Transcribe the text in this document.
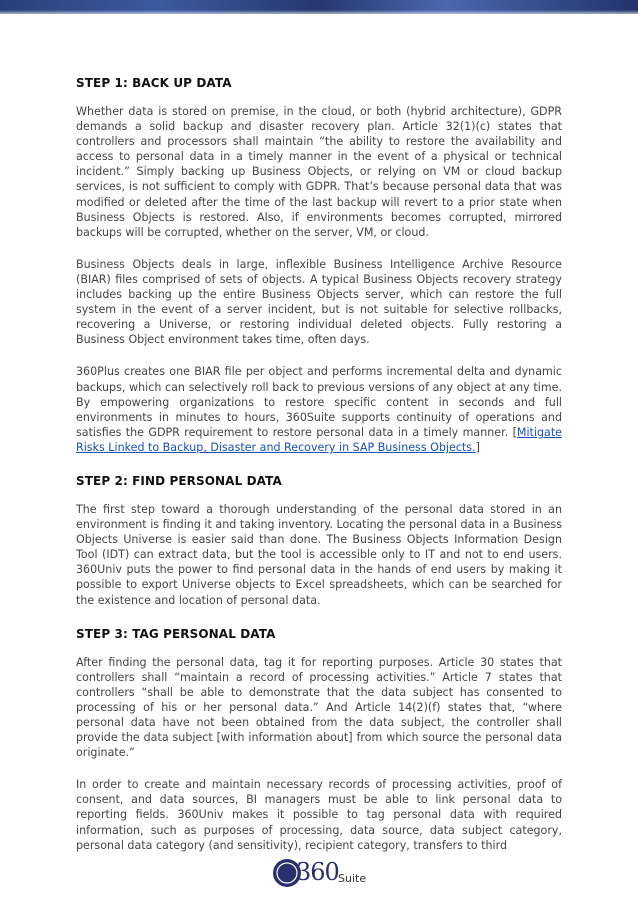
STEP 1: BACK UP DATA

Whether data is stored on premise, in the cloud, or both (hybrid architecture), GDPR demands a solid backup and disaster recovery plan. Article 32(1)(c) states that controllers and processors shall maintain “the ability to restore the availability and access to personal data in a timely manner in the event of a physical or technical incident.” Simply backing up Business Objects, or relying on VM or cloud backup services, is not sufficient to comply with GDPR. That’s because personal data that was modified or deleted after the time of the last backup will revert to a prior state when Business Objects is restored. Also, if environments becomes corrupted, mirrored backups will be corrupted, whether on the server, VM, or cloud.

Business Objects deals in large, inflexible Business Intelligence Archive Resource (BIAR) files comprised of sets of objects. A typical Business Objects recovery strategy includes backing up the entire Business Objects server, which can restore the full system in the event of a server incident, but is not suitable for selective rollbacks, recovering a Universe, or restoring individual deleted objects. Fully restoring a Business Object environment takes time, often days.

360Plus creates one BIAR file per object and performs incremental delta and dynamic backups, which can selectively roll back to previous versions of any object at any time. By empowering organizations to restore specific content in seconds and full environments in minutes to hours, 360Suite supports continuity of operations and satisfies the GDPR requirement to restore personal data in a timely manner. [Mitigate Risks Linked to Backup, Disaster and Recovery in SAP Business Objects.]

STEP 2: FIND PERSONAL DATA

The first step toward a thorough understanding of the personal data stored in an environment is finding it and taking inventory. Locating the personal data in a Business Objects Universe is easier said than done. The Business Objects Information Design Tool (IDT) can extract data, but the tool is accessible only to IT and not to end users. 360Univ puts the power to find personal data in the hands of end users by making it possible to export Universe objects to Excel spreadsheets, which can be searched for the existence and location of personal data.

STEP 3: TAG PERSONAL DATA

After finding the personal data, tag it for reporting purposes. Article 30 states that controllers shall “maintain a record of processing activities.” Article 7 states that controllers “shall be able to demonstrate that the data subject has consented to processing of his or her personal data.” And Article 14(2)(f) states that, “where personal data have not been obtained from the data subject, the controller shall provide the data subject [with information about] from which source the personal data originate.”

In order to create and maintain necessary records of processing activities, proof of consent, and data sources, BI managers must be able to link personal data to reporting fields. 360Univ makes it possible to tag personal data with required information, such as purposes of processing, data source, data subject category, personal data category (and sensitivity), recipient category, transfers to third

360 Suite
